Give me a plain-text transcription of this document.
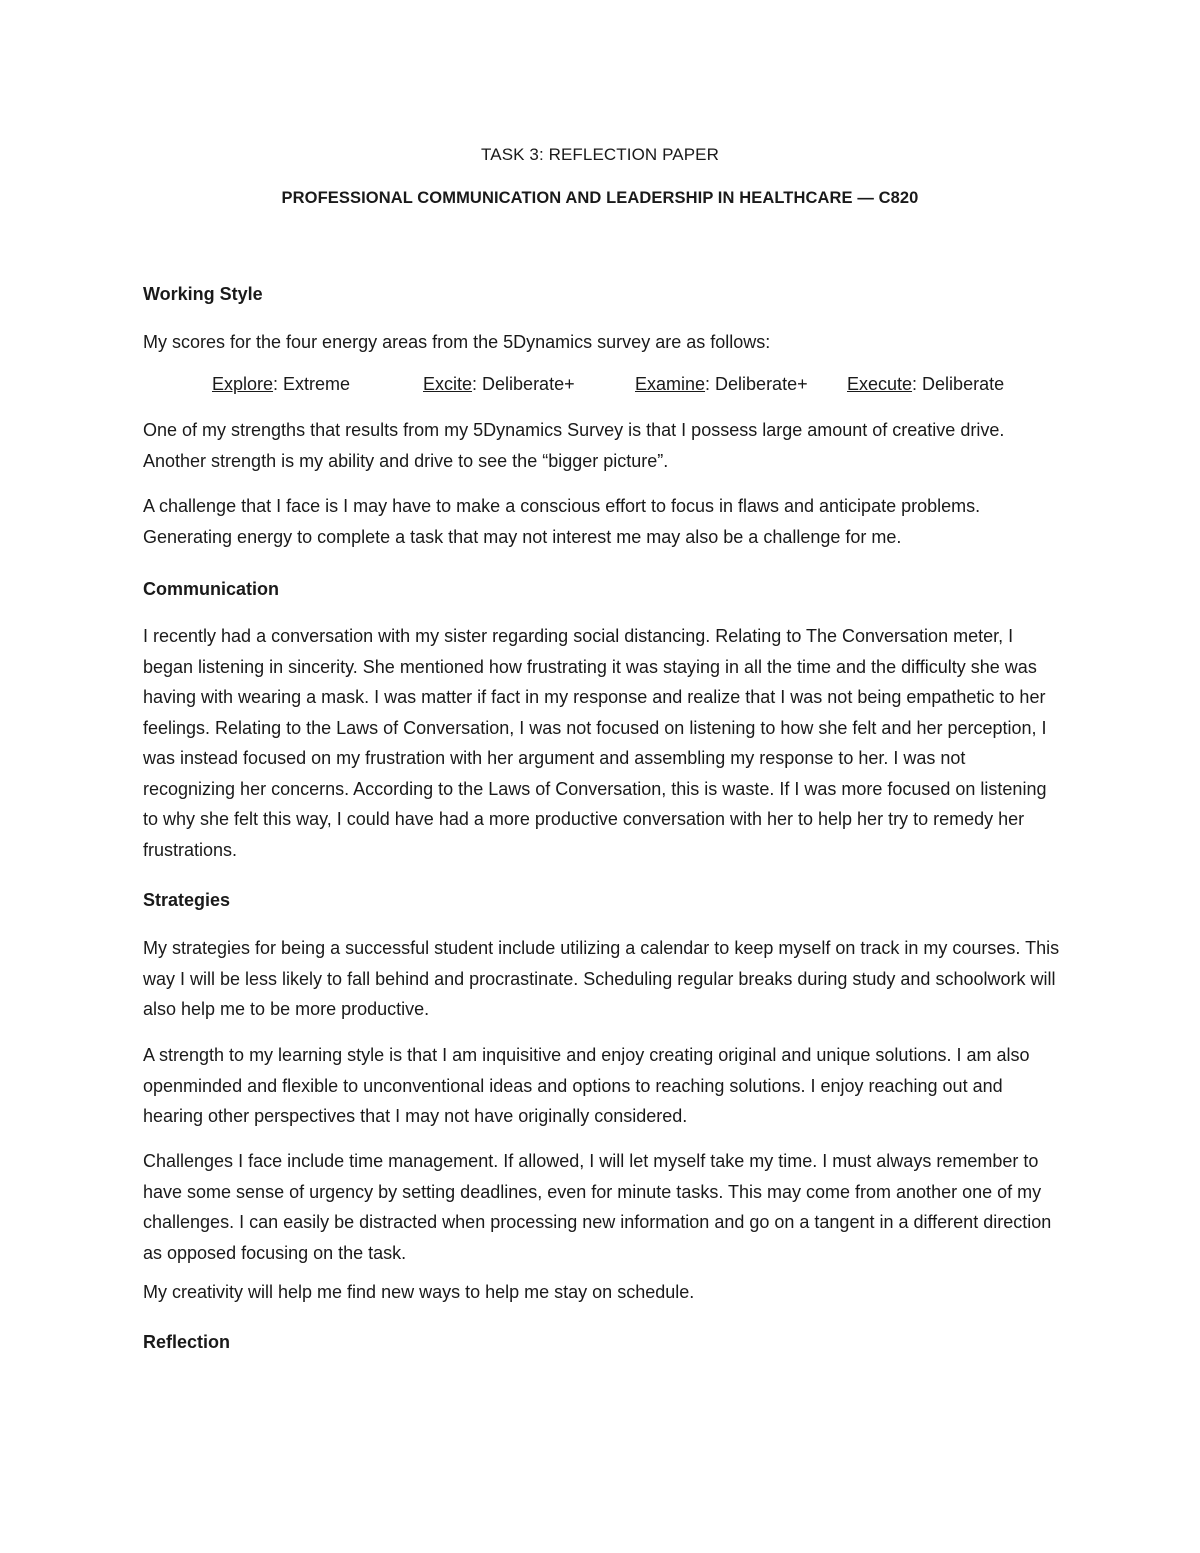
TASK 3: REFLECTION PAPER
PROFESSIONAL COMMUNICATION AND LEADERSHIP IN HEALTHCARE — C820
Working Style

My scores for the four energy areas from the 5Dynamics survey are as follows:

Explore: Extreme	Excite: Deliberate+	Examine: Deliberate+ Execute: Deliberate

One of my strengths that results from my 5Dynamics Survey is that I possess large amount of creative drive. Another strength is my ability and drive to see the “bigger picture”.

A challenge that I face is I may have to make a conscious effort to focus in flaws and anticipate problems. Generating energy to complete a task that may not interest me may also be a challenge for me.

Communication

I recently had a conversation with my sister regarding social distancing. Relating to The Conversation meter, I began listening in sincerity. She mentioned how frustrating it was staying in all the time and the difficulty she was having with wearing a mask. I was matter if fact in my response and realize that I was not being empathetic to her feelings. Relating to the Laws of Conversation, I was not focused on listening to how she felt and her perception, I was instead focused on my frustration with her argument and assembling my response to her. I was not recognizing her concerns. According to the Laws of Conversation, this is waste. If I was more focused on listening to why she felt this way, I could have had a more productive conversation with her to help her try to remedy her frustrations.

Strategies

My strategies for being a successful student include utilizing a calendar to keep myself on track in my courses. This way I will be less likely to fall behind and procrastinate. Scheduling regular breaks during study and schoolwork will also help me to be more productive.

A strength to my learning style is that I am inquisitive and enjoy creating original and unique solutions. I am also openminded and flexible to unconventional ideas and options to reaching solutions. I enjoy reaching out and hearing other perspectives that I may not have originally considered.

Challenges I face include time management. If allowed, I will let myself take my time. I must always remember to have some sense of urgency by setting deadlines, even for minute tasks. This may come from another one of my challenges. I can easily be distracted when processing new information and go on a tangent in a different direction as opposed focusing on the task.

My creativity will help me find new ways to help me stay on schedule.

Reflection
